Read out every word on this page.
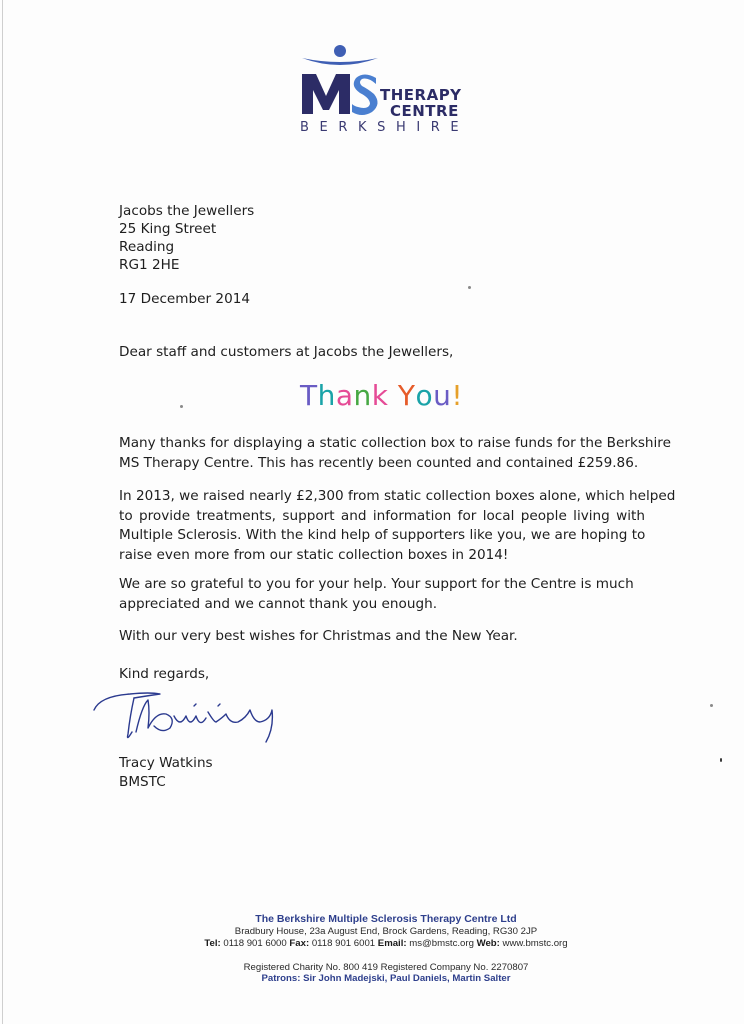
THERAPY
CENTRE
BERKSHIRE
Jacobs the Jewellers
25 King Street
Reading
RG1 2HE
17 December 2014
Dear staff and customers at Jacobs the Jewellers,
Thank You!
Many thanks for displaying a static collection box to raise funds for the Berkshire
MS Therapy Centre. This has recently been counted and contained £259.86.
In 2013, we raised nearly £2,300 from static collection boxes alone, which helped
to provide treatments, support and information for local people living with
Multiple Sclerosis. With the kind help of supporters like you, we are hoping to
raise even more from our static collection boxes in 2014!
We are so grateful to you for your help. Your support for the Centre is much
appreciated and we cannot thank you enough.
With our very best wishes for Christmas and the New Year.
Kind regards,
Tracy Watkins
BMSTC
The Berkshire Multiple Sclerosis Therapy Centre Ltd
Bradbury House, 23a August End, Brock Gardens, Reading, RG30 2JP
Tel: 0118 901 6000 Fax: 0118 901 6001 Email: ms@bmstc.org Web: www.bmstc.org
Registered Charity No. 800 419 Registered Company No. 2270807
Patrons: Sir John Madejski, Paul Daniels, Martin Salter
